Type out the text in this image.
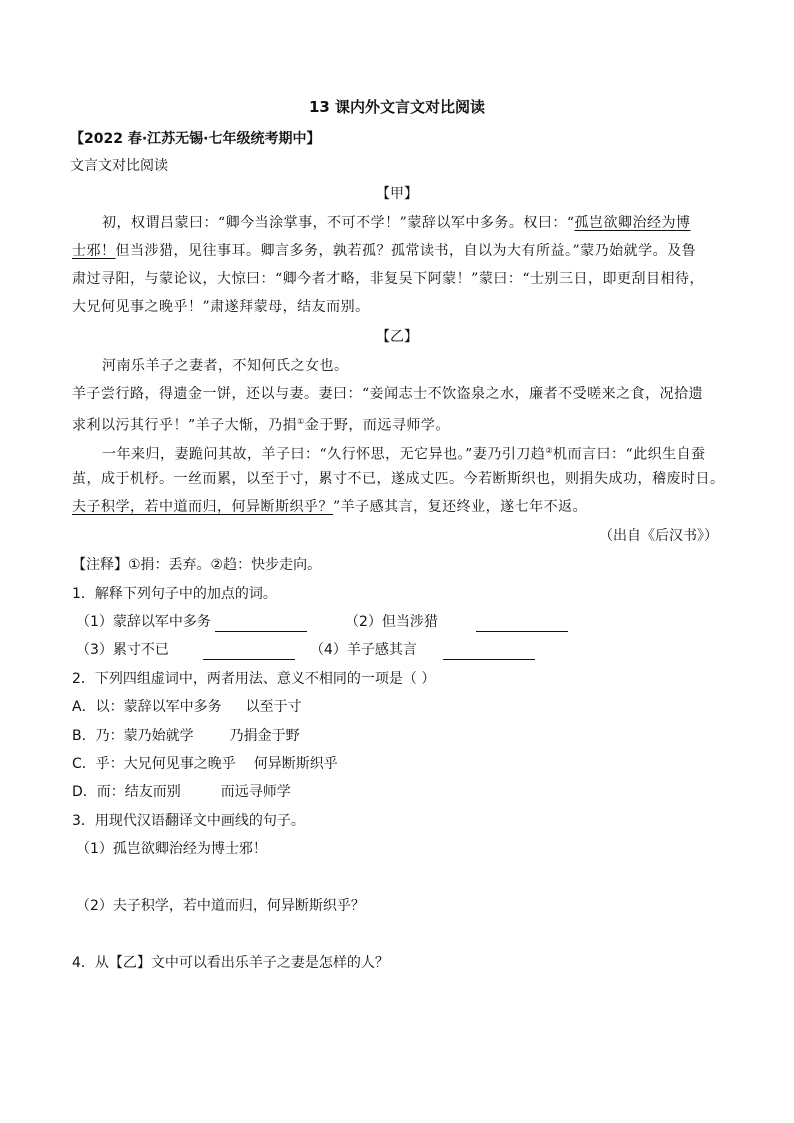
13 课内外文言文对比阅读
【2022 春·江苏无锡·七年级统考期中】
文言文对比阅读
【甲】
初，权谓吕蒙曰：“卿今当涂掌事，不可不学！”蒙辞以军中多务。权曰：“孤岂欲卿治经为博
士邪！但当涉猎，见往事耳。卿言多务，孰若孤？孤常读书，自以为大有所益。”蒙乃始就学。及鲁
肃过寻阳，与蒙论议，大惊曰：“卿今者才略，非复吴下阿蒙！”蒙曰：“士别三日，即更刮目相待，
大兄何见事之晚乎！”肃遂拜蒙母，结友而别。
【乙】
河南乐羊子之妻者，不知何氏之女也。
羊子尝行路，得遗金一饼，还以与妻。妻曰：“妾闻志士不饮盗泉之水，廉者不受嗟来之食，况拾遗
求利以污其行乎！”羊子大惭，乃捐①金于野，而远寻师学。
一年来归，妻跪问其故，羊子曰：“久行怀思，无它异也。”妻乃引刀趋②机而言曰：“此织生自蚕
茧，成于机杼。一丝而累，以至于寸，累寸不已，遂成丈匹。今若断斯织也，则捐失成功，稽废时日。
夫子积学，若中道而归，何异断斯织乎？”羊子感其言，复还终业，遂七年不返。
（出自《后汉书》）
【注释】①捐：丢弃。②趋：快步走向。
1．解释下列句子中的加点的词。
（1）蒙辞以军中多务	（2）但当涉猎
（3）累寸不已	（4）羊子感其言
2．下列四组虚词中，两者用法、意义不相同的一项是（ ）
A．以：蒙辞以军中多务 以至于寸
B．乃：蒙乃始就学	乃捐金于野
C．乎：大兄何见事之晚乎 何异断斯织乎
D．而：结友而别	而远寻师学
3．用现代汉语翻译文中画线的句子。
（1）孤岂欲卿治经为博士邪！
（2）夫子积学，若中道而归，何异断斯织乎？
4．从【乙】文中可以看出乐羊子之妻是怎样的人？
